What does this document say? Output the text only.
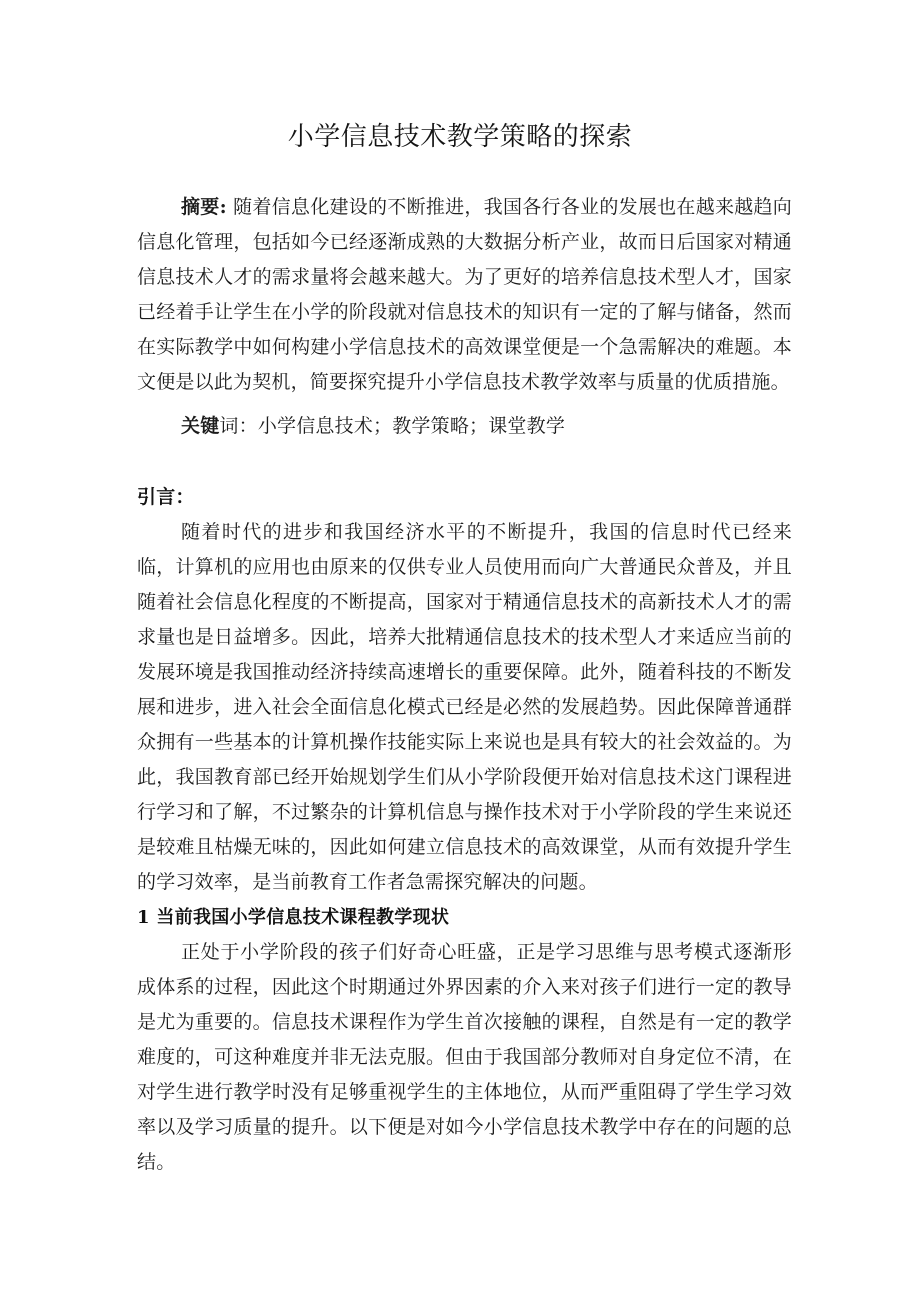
小学信息技术教学策略的探索

摘要: 随着信息化建设的不断推进，我国各行各业的发展也在越来越趋向信息化管理，包括如今已经逐渐成熟的大数据分析产业，故而日后国家对精通信息技术人才的需求量将会越来越大。为了更好的培养信息技术型人才，国家已经着手让学生在小学的阶段就对信息技术的知识有一定的了解与储备，然而在实际教学中如何构建小学信息技术的高效课堂便是一个急需解决的难题。本文便是以此为契机，简要探究提升小学信息技术教学效率与质量的优质措施。

关键词：小学信息技术；教学策略；课堂教学

引言：

随着时代的进步和我国经济水平的不断提升，我国的信息时代已经来临，计算机的应用也由原来的仅供专业人员使用而向广大普通民众普及，并且随着社会信息化程度的不断提高，国家对于精通信息技术的高新技术人才的需求量也是日益增多。因此，培养大批精通信息技术的技术型人才来适应当前的发展环境是我国推动经济持续高速增长的重要保障。此外，随着科技的不断发展和进步，进入社会全面信息化模式已经是必然的发展趋势。因此保障普通群众拥有一些基本的计算机操作技能实际上来说也是具有较大的社会效益的。为此，我国教育部已经开始规划学生们从小学阶段便开始对信息技术这门课程进行学习和了解，不过繁杂的计算机信息与操作技术对于小学阶段的学生来说还是较难且枯燥无味的，因此如何建立信息技术的高效课堂，从而有效提升学生的学习效率，是当前教育工作者急需探究解决的问题。

1 当前我国小学信息技术课程教学现状

正处于小学阶段的孩子们好奇心旺盛，正是学习思维与思考模式逐渐形成体系的过程，因此这个时期通过外界因素的介入来对孩子们进行一定的教导是尤为重要的。信息技术课程作为学生首次接触的课程，自然是有一定的教学难度的，可这种难度并非无法克服。但由于我国部分教师对自身定位不清，在对学生进行教学时没有足够重视学生的主体地位，从而严重阻碍了学生学习效率以及学习质量的提升。以下便是对如今小学信息技术教学中存在的问题的总结。
